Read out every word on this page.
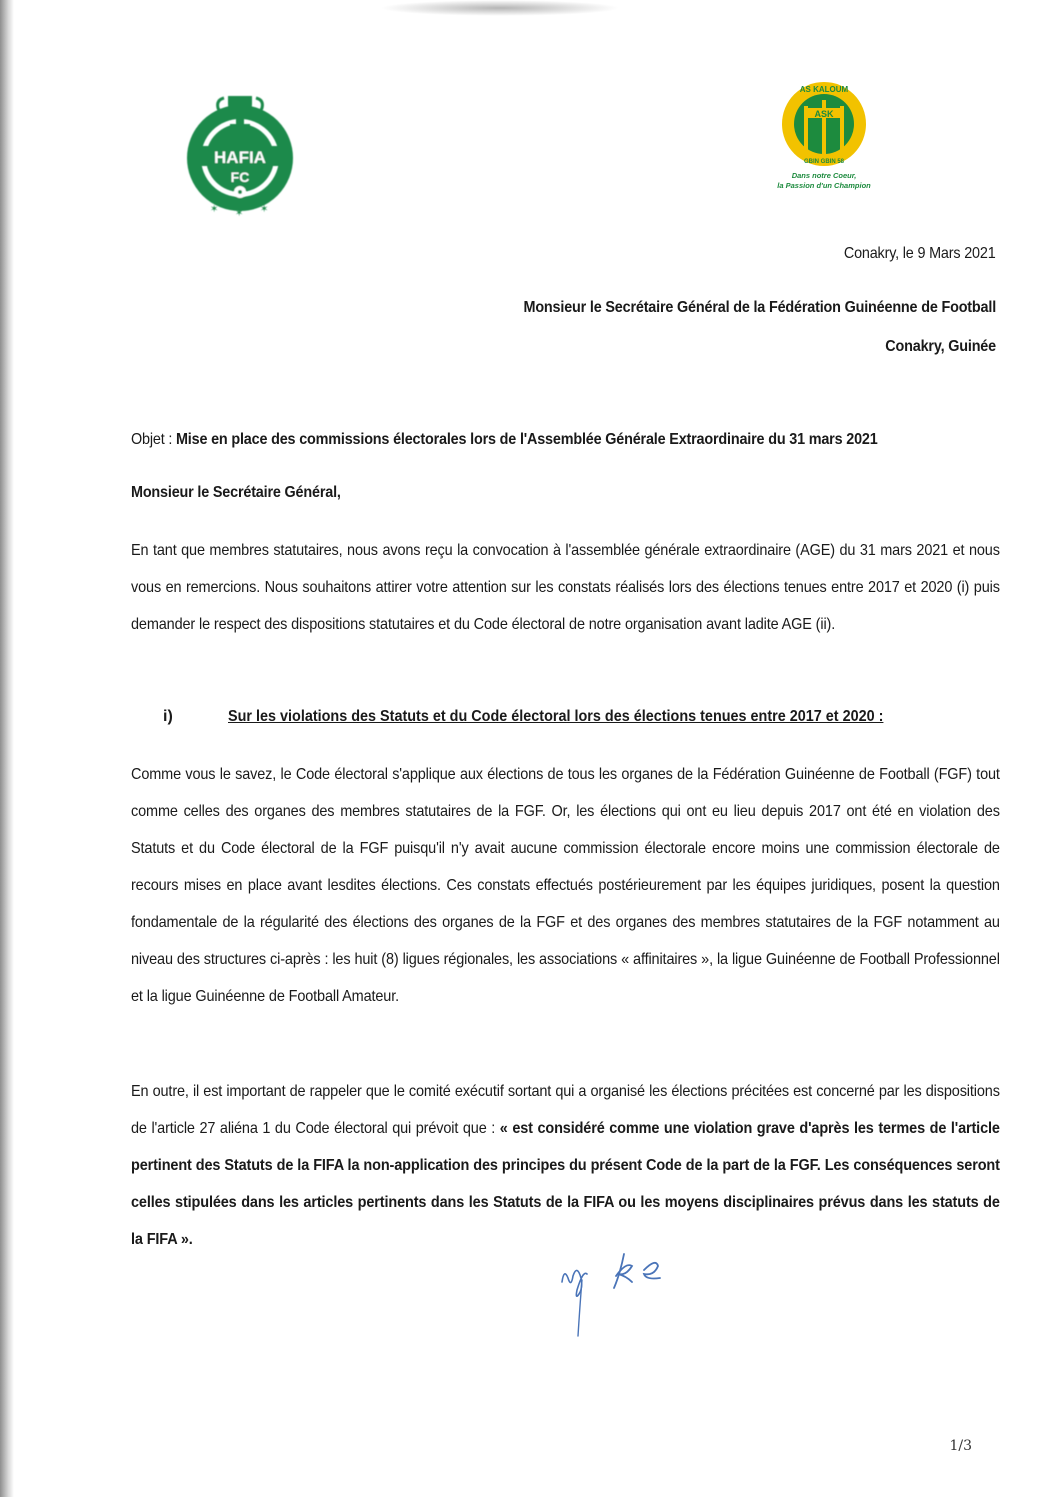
HAFIA
FC
✶ ✶ ✶
ASK
AS KALOUM
GBIN GBIN 58
Dans notre Coeur,
la Passion d'un Champion
Conakry, le 9 Mars 2021
Monsieur le Secrétaire Général de la Fédération Guinéenne de Football
Conakry, Guinée
Objet : Mise en place des commissions électorales lors de l'Assemblée Générale Extraordinaire du 31 mars 2021
Monsieur le Secrétaire Général,
En tant que membres statutaires, nous avons reçu la convocation à l'assemblée générale extraordinaire (AGE) du 31 mars 2021 et nous vous en remercions. Nous souhaitons attirer votre attention sur les constats réalisés lors des élections tenues entre 2017 et 2020 (i) puis demander le respect des dispositions statutaires et du Code électoral de notre organisation avant ladite AGE (ii).
i)	Sur les violations des Statuts et du Code électoral lors des élections tenues entre 2017 et 2020 :
Comme vous le savez, le Code électoral s'applique aux élections de tous les organes de la Fédération Guinéenne de Football (FGF) tout comme celles des organes des membres statutaires de la FGF. Or, les élections qui ont eu lieu depuis 2017 ont été en violation des Statuts et du Code électoral de la FGF puisqu'il n'y avait aucune commission électorale encore moins une commission électorale de recours mises en place avant lesdites élections. Ces constats effectués postérieurement par les équipes juridiques, posent la question fondamentale de la régularité des élections des organes de la FGF et des organes des membres statutaires de la FGF notamment au niveau des structures ci-après : les huit (8) ligues régionales, les associations « affinitaires », la ligue Guinéenne de Football Professionnel et la ligue Guinéenne de Football Amateur.
En outre, il est important de rappeler que le comité exécutif sortant qui a organisé les élections précitées est concerné par les dispositions de l'article 27 aliéna 1 du Code électoral qui prévoit que : « est considéré comme une violation grave d'après les termes de l'article pertinent des Statuts de la FIFA la non-application des principes du présent Code de la part de la FGF. Les conséquences seront celles stipulées dans les articles pertinents dans les Statuts de la FIFA ou les moyens disciplinaires prévus dans les statuts de la FIFA ».
1/3
